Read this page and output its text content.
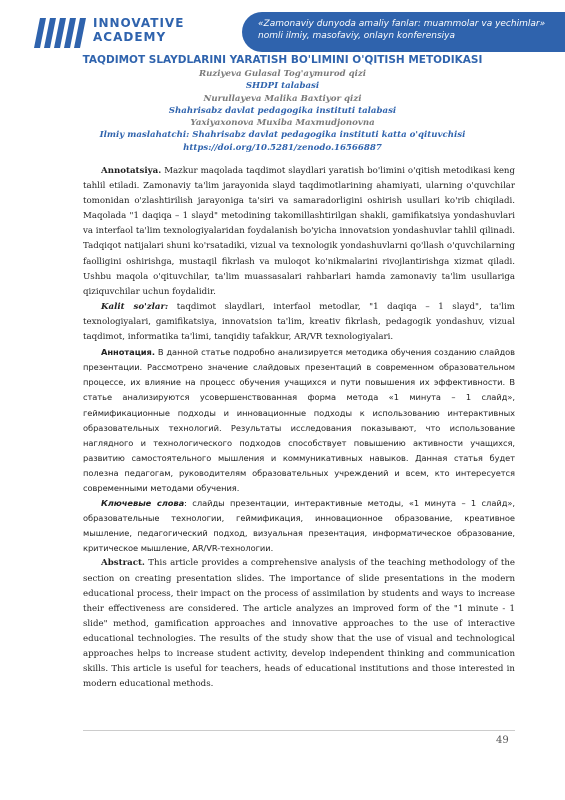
INNOVATIVE
ACADEMY
«Zamonaviy dunyoda amaliy fanlar: muammolar va yechimlar» nomli ilmiy, masofaviy, onlayn konferensiya
TAQDIMOT SLAYDLARINI YARATISH BO'LIMINI O'QITISH METODIKASI
Ruziyeva Gulasal Tog'aymurod qizi
SHDPI talabasi
Nurullayeva Malika Baxtiyor qizi
Shahrisabz davlat pedagogika instituti talabasi
Yaxiyaxonova Muxiba Maxmudjonovna
Ilmiy maslahatchi: Shahrisabz davlat pedagogika instituti katta o'qituvchisi
https://doi.org/10.5281/zenodo.16566887

Annotatsiya. Mazkur maqolada taqdimot slaydlari yaratish bo'limini o'qitish metodikasi keng tahlil etiladi. Zamonaviy ta'lim jarayonida slayd taqdimotlarining ahamiyati, ularning o'quvchilar tomonidan o'zlashtirilish jarayoniga ta'siri va samaradorligini oshirish usullari ko'rib chiqiladi. Maqolada "1 daqiqa – 1 slayd" metodining takomillashtirilgan shakli, gamifikatsiya yondashuvlari va interfaol ta'lim texnologiyalaridan foydalanish bo'yicha innovatsion yondashuvlar tahlil qilinadi. Tadqiqot natijalari shuni ko'rsatadiki, vizual va texnologik yondashuvlarni qo'llash o'quvchilarning faolligini oshirishga, mustaqil fikrlash va muloqot ko'nikmalarini rivojlantirishga xizmat qiladi. Ushbu maqola o'qituvchilar, ta'lim muassasalari rahbarlari hamda zamonaviy ta'lim usullariga qiziquvchilar uchun foydalidir.

Kalit so'zlar: taqdimot slaydlari, interfaol metodlar, "1 daqiqa – 1 slayd", ta'lim texnologiyalari, gamifikatsiya, innovatsion ta'lim, kreativ fikrlash, pedagogik yondashuv, vizual taqdimot, informatika ta'limi, tanqidiy tafakkur, AR/VR texnologiyalari.

Аннотация. В данной статье подробно анализируется методика обучения созданию слайдов презентации. Рассмотрено значение слайдовых презентаций в современном образовательном процессе, их влияние на процесс обучения учащихся и пути повышения их эффективности. В статье анализируются усовершенствованная форма метода «1 минута – 1 слайд», геймификационные подходы и инновационные подходы к использованию интерактивных образовательных технологий. Результаты исследования показывают, что использование наглядного и технологического подходов способствует повышению активности учащихся, развитию самостоятельного мышления и коммуникативных навыков. Данная статья будет полезна педагогам, руководителям образовательных учреждений и всем, кто интересуется современными методами обучения.

Ключевые слова: слайды презентации, интерактивные методы, «1 минута – 1 слайд», образовательные технологии, геймификация, инновационное образование, креативное мышление, педагогический подход, визуальная презентация, информатическое образование, критическое мышление, AR/VR-технологии.

Abstract. This article provides a comprehensive analysis of the teaching methodology of the section on creating presentation slides. The importance of slide presentations in the modern educational process, their impact on the process of assimilation by students and ways to increase their effectiveness are considered. The article analyzes an improved form of the "1 minute - 1 slide" method, gamification approaches and innovative approaches to the use of interactive educational technologies. The results of the study show that the use of visual and technological approaches helps to increase student activity, develop independent thinking and communication skills. This article is useful for teachers, heads of educational institutions and those interested in modern educational methods.

49
